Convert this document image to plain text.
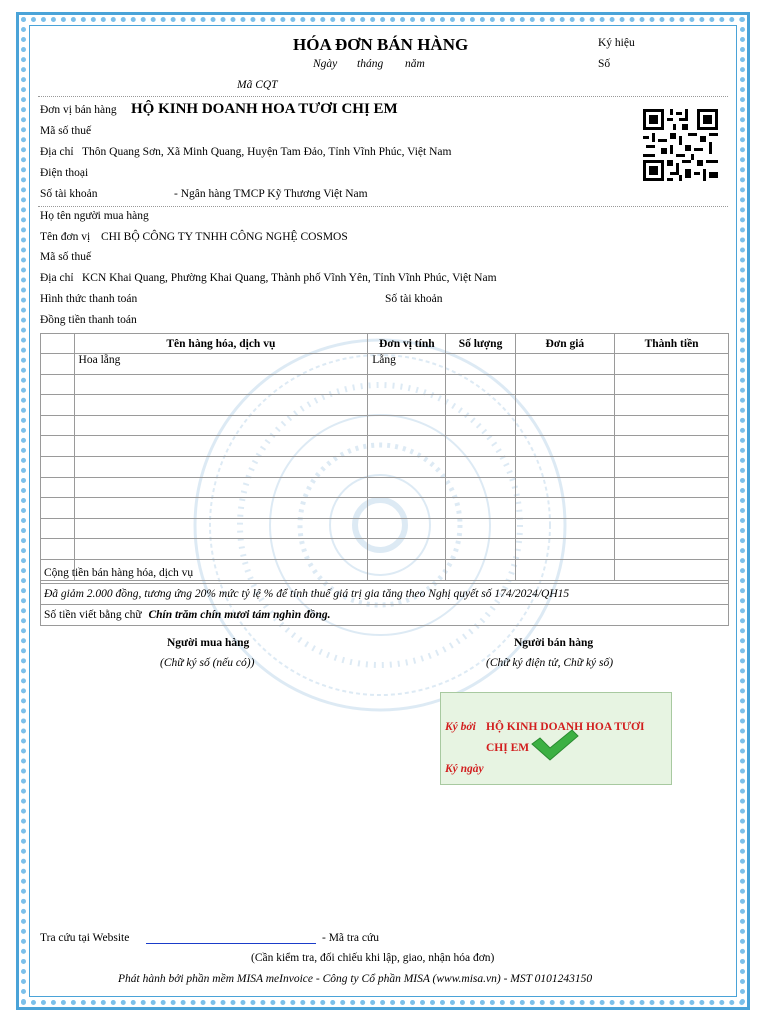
HÓA ĐƠN BÁN HÀNG
Ngày tháng năm
Ký hiệu
Số
Mã CQT
Đơn vị bán hàng HỘ KINH DOANH HOA TƯƠI CHỊ EM
Mã số thuế
Địa chỉ Thôn Quang Sơn, Xã Minh Quang, Huyện Tam Đảo, Tỉnh Vĩnh Phúc, Việt Nam
Điện thoại
Số tài khoản	- Ngân hàng TMCP Kỹ Thương Việt Nam
Họ tên người mua hàng
Tên đơn vị CHI BỘ CÔNG TY TNHH CÔNG NGHỆ COSMOS
Mã số thuế
Địa chỉ KCN Khai Quang, Phường Khai Quang, Thành phố Vĩnh Yên, Tỉnh Vĩnh Phúc, Việt Nam
Hình thức thanh toán	Số tài khoản
Đồng tiền thanh toán
	Tên hàng hóa, dịch vụ	Đơn vị tính	Số lượng	Đơn giá	Thành tiền
	Hoa lẵng	Lẵng			

Cộng tiền bán hàng hóa, dịch vụ
Đã giảm 2.000 đồng, tương ứng 20% mức tỷ lệ % để tính thuế giá trị gia tăng theo Nghị quyết số 174/2024/QH15
Số tiền viết bằng chữ Chín trăm chín mươi tám nghìn đồng.
Người mua hàng
(Chữ ký số (nếu có))
Người bán hàng
(Chữ ký điện tử, Chữ ký số)
Ký bởi HỘ KINH DOANH HOA TƯƠI
CHỊ EM
Ký ngày
Tra cứu tại Website	- Mã tra cứu
(Cần kiểm tra, đối chiếu khi lập, giao, nhận hóa đơn)
Phát hành bởi phần mềm MISA meInvoice - Công ty Cổ phần MISA (www.misa.vn) - MST 0101243150
